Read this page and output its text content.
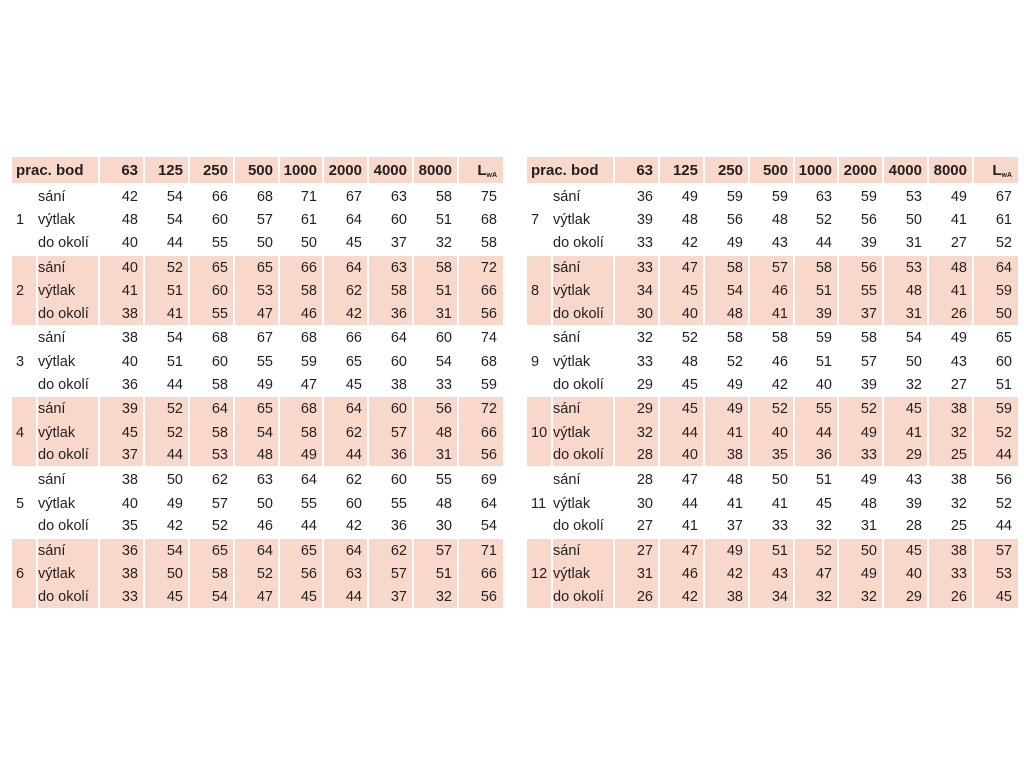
prac. bod		63	125	250	500	1000	2000	4000	8000	LwA
	sání	42	54	66	68	71	67	63	58	75
1	výtlak	48	54	60	57	61	64	60	51	68
	do okolí	40	44	55	50	50	45	37	32	58
	sání	40	52	65	65	66	64	63	58	72
2	výtlak	41	51	60	53	58	62	58	51	66
	do okolí	38	41	55	47	46	42	36	31	56
	sání	38	54	68	67	68	66	64	60	74
3	výtlak	40	51	60	55	59	65	60	54	68
	do okolí	36	44	58	49	47	45	38	33	59
	sání	39	52	64	65	68	64	60	56	72
4	výtlak	45	52	58	54	58	62	57	48	66
	do okolí	37	44	53	48	49	44	36	31	56
	sání	38	50	62	63	64	62	60	55	69
5	výtlak	40	49	57	50	55	60	55	48	64
	do okolí	35	42	52	46	44	42	36	30	54
	sání	36	54	65	64	65	64	62	57	71
6	výtlak	38	50	58	52	56	63	57	51	66
	do okolí	33	45	54	47	45	44	37	32	56
prac. bod		63	125	250	500	1000	2000	4000	8000	LwA
	sání	36	49	59	59	63	59	53	49	67
7	výtlak	39	48	56	48	52	56	50	41	61
	do okolí	33	42	49	43	44	39	31	27	52
	sání	33	47	58	57	58	56	53	48	64
8	výtlak	34	45	54	46	51	55	48	41	59
	do okolí	30	40	48	41	39	37	31	26	50
	sání	32	52	58	58	59	58	54	49	65
9	výtlak	33	48	52	46	51	57	50	43	60
	do okolí	29	45	49	42	40	39	32	27	51
	sání	29	45	49	52	55	52	45	38	59
10	výtlak	32	44	41	40	44	49	41	32	52
	do okolí	28	40	38	35	36	33	29	25	44
	sání	28	47	48	50	51	49	43	38	56
11	výtlak	30	44	41	41	45	48	39	32	52
	do okolí	27	41	37	33	32	31	28	25	44
	sání	27	47	49	51	52	50	45	38	57
12	výtlak	31	46	42	43	47	49	40	33	53
	do okolí	26	42	38	34	32	32	29	26	45
